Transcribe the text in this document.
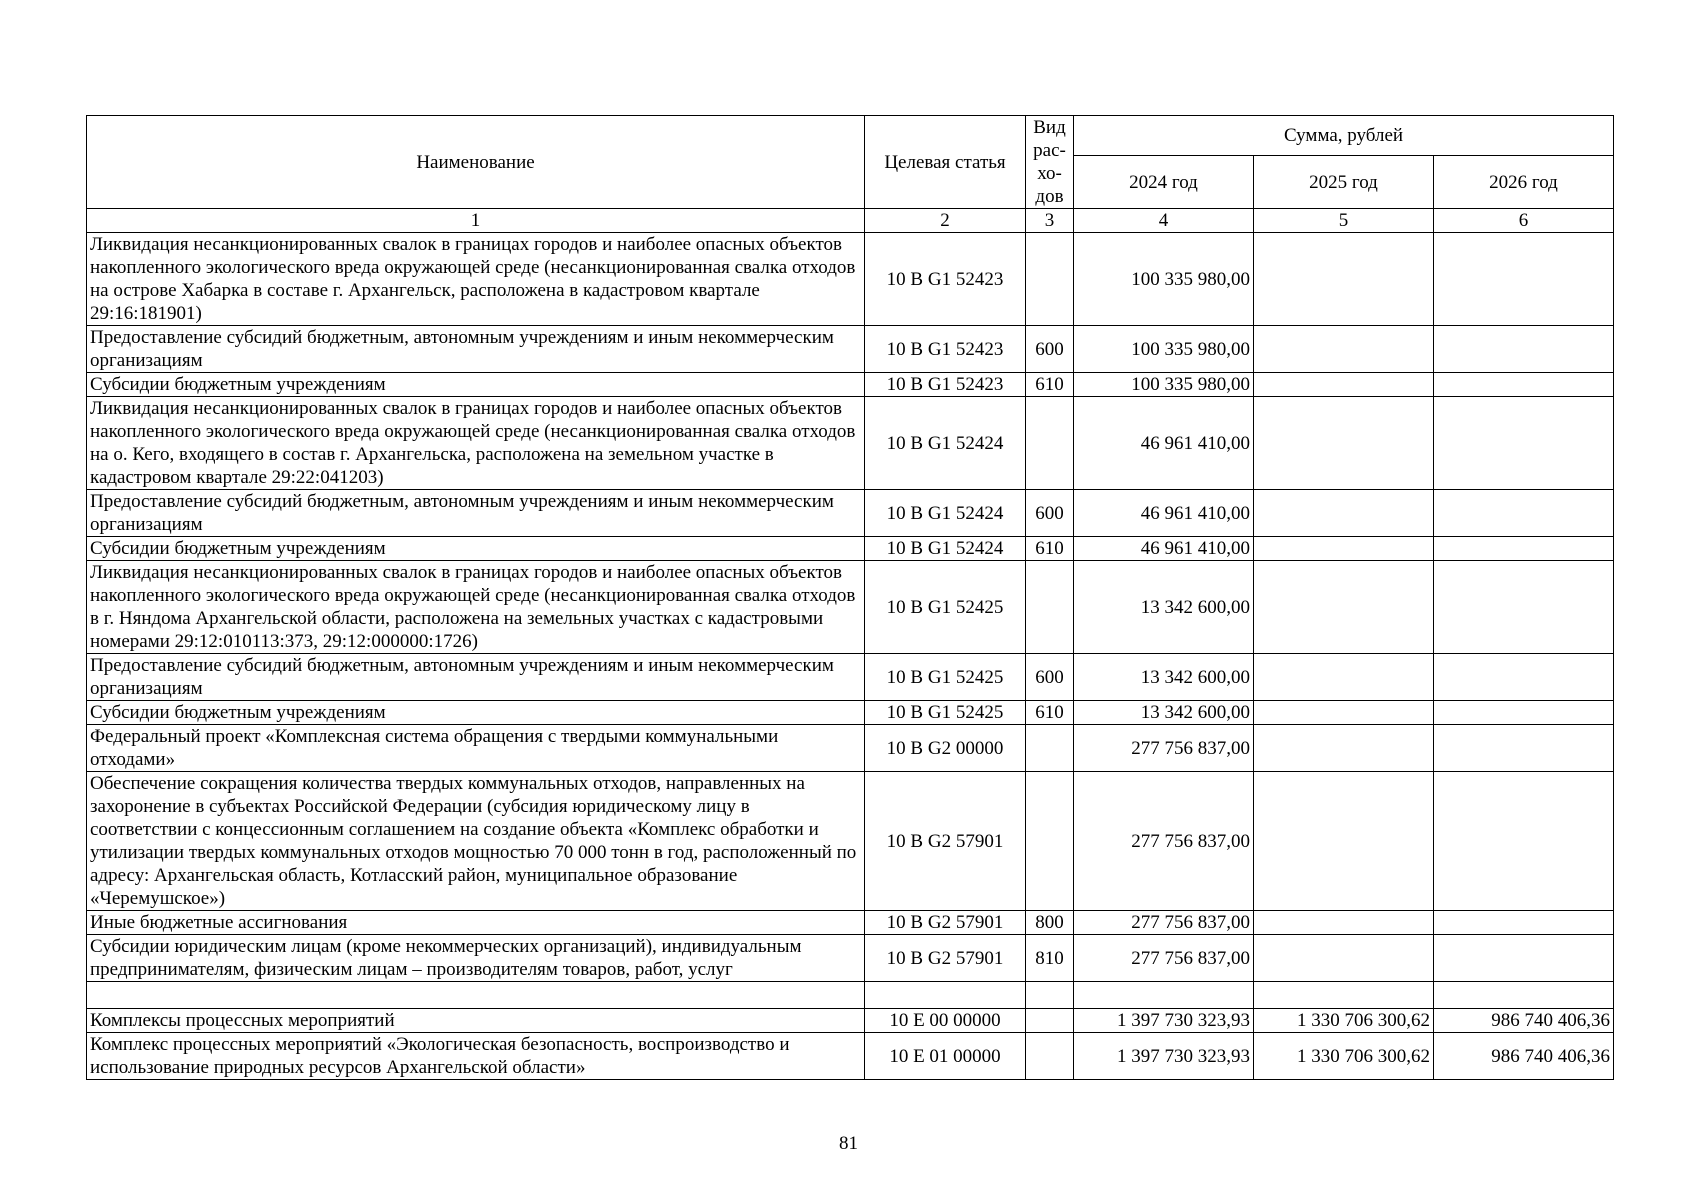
Наименование	Целевая статья	Вид рас-хо-дов	Сумма, рублей		
			2024 год	2025 год	2026 год
1	2	3	4	5	6
Ликвидация несанкционированных свалок в границах городов и наиболее опасных объектов накопленного экологического вреда окружающей среде (несанкционированная свалка отходов на острове Хабарка в составе г. Архангельск, расположена в кадастровом квартале 29:16:181901)	10 В G1 52423		100 335 980,00		
Предоставление субсидий бюджетным, автономным учреждениям и иным некоммерческим организациям	10 В G1 52423	600	100 335 980,00		
Субсидии бюджетным учреждениям	10 В G1 52423	610	100 335 980,00		
Ликвидация несанкционированных свалок в границах городов и наиболее опасных объектов накопленного экологического вреда окружающей среде (несанкционированная свалка отходов на о. Кего, входящего в состав г. Архангельска, расположена на земельном участке в кадастровом квартале 29:22:041203)	10 В G1 52424		46 961 410,00		
Предоставление субсидий бюджетным, автономным учреждениям и иным некоммерческим организациям	10 В G1 52424	600	46 961 410,00		
Субсидии бюджетным учреждениям	10 В G1 52424	610	46 961 410,00		
Ликвидация несанкционированных свалок в границах городов и наиболее опасных объектов накопленного экологического вреда окружающей среде (несанкционированная свалка отходов в г. Няндома Архангельской области, расположена на земельных участках с кадастровыми номерами 29:12:010113:373, 29:12:000000:1726)	10 В G1 52425		13 342 600,00		
Предоставление субсидий бюджетным, автономным учреждениям и иным некоммерческим организациям	10 В G1 52425	600	13 342 600,00		
Субсидии бюджетным учреждениям	10 В G1 52425	610	13 342 600,00		
Федеральный проект «Комплексная система обращения с твердыми коммунальными отходами»	10 В G2 00000		277 756 837,00		
Обеспечение сокращения количества твердых коммунальных отходов, направленных на захоронение в субъектах Российской Федерации (субсидия юридическому лицу в соответствии с концессионным соглашением на создание объекта «Комплекс обработки и утилизации твердых коммунальных отходов мощностью 70 000 тонн в год, расположенный по адресу: Архангельская область, Котласский район, муниципальное образование «Черемушское»)	10 В G2 57901		277 756 837,00		
Иные бюджетные ассигнования	10 В G2 57901	800	277 756 837,00		
Субсидии юридическим лицам (кроме некоммерческих организаций), индивидуальным предпринимателям, физическим лицам – производителям товаров, работ, услуг	10 В G2 57901	810	277 756 837,00		

Комплексы процессных мероприятий	10 Е 00 00000		1 397 730 323,93	1 330 706 300,62	986 740 406,36
Комплекс процессных мероприятий «Экологическая безопасность, воспроизводство и использование природных ресурсов Архангельской области»	10 Е 01 00000		1 397 730 323,93	1 330 706 300,62	986 740 406,36
81
